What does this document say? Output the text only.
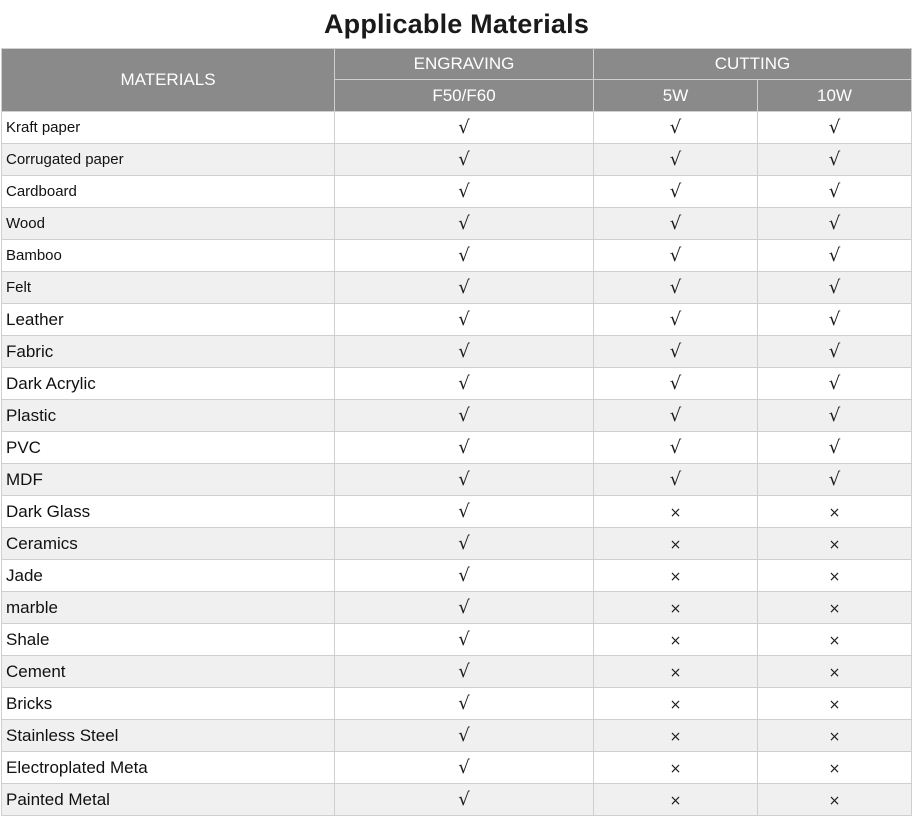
Applicable Materials
MATERIALS	ENGRAVING	CUTTING	
	F50/F60	5W	10W
Kraft paper	√	√	√
Corrugated paper	√	√	√
Cardboard	√	√	√
Wood	√	√	√
Bamboo	√	√	√
Felt	√	√	√
Leather	√	√	√
Fabric	√	√	√
Dark Acrylic	√	√	√
Plastic	√	√	√
PVC	√	√	√
MDF	√	√	√
Dark Glass	√	×	×
Ceramics	√	×	×
Jade	√	×	×
marble	√	×	×
Shale	√	×	×
Cement	√	×	×
Bricks	√	×	×
Stainless Steel	√	×	×
Electroplated Meta	√	×	×
Painted Metal	√	×	×
